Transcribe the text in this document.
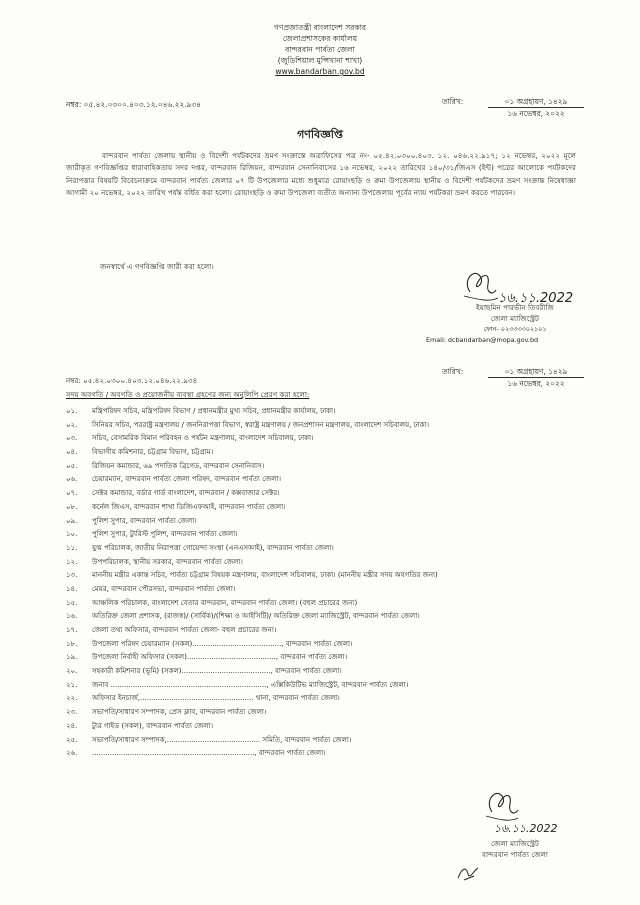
গণপ্রজাতন্ত্রী বাংলাদেশ সরকার
জেলাপ্রশাসকের কার্যালয়
বান্দরবান পার্বত্য জেলা
(জুডিশিয়াল মুন্সিখানা শাখা)
www.bandarban.gov.bd
নম্বর: ০৫.৪২.০৩০০.৪০৩.১২.০৪৬.২২.৯৩৪	তারিখ:	০১ অগ্রহায়ণ, ১৪২৯
১৬ নভেম্বর, ২০২২
গণবিজ্ঞপ্তি

বান্দরবান পার্বত্য জেলায় স্থানীয় ও বিদেশী পর্যটকদের ভ্রমণ সংক্রান্তে অত্রাফিসের পত্র নং- ০৫.৪২.০৩০০.৪০৩. ১২. ০৪৬.২২.৯১৭; ১২ নভেম্বর, ২০২২ মূলে জারীকৃত গণবিজ্ঞপ্তির ধারাবাহিকতায় সদর দপ্তর, বান্দরবান রিজিয়ন, বান্দরবান সেনানিবাসের ১৬ নভেম্বর, ২০২২ তারিখের ১৪০/৩১/জিএস (ইন্ট) পত্রের আলোকে পর্যটকদের নিরাপত্তার বিষয়টি বিবেচনাক্রমে বান্দরবান পার্বত্য জেলার ০৭ টি উপজেলার মধ্যে শুধুমাত্র রোয়াংছড়ি ও রুমা উপজেলায় স্থানীয় ও বিদেশী পর্যটকদের ভ্রমণ সংক্রান্ত নিষেধাজ্ঞা আগামী ২০ নভেম্বর, ২০২২ তারিখ পর্যন্ত বর্ধিত করা হলো। রোয়াংছড়ি ও রুমা উপজেলা ব্যতীত অন্যান্য উপজেলায় পূর্বের ন্যায় পর্যটকরা ভ্রমণ করতে পারবেন।

জনস্বার্থে এ গণবিজ্ঞপ্তি জারী করা হলো।
১৬.১১.2022
ইয়াছমিন পারভীন তিবরীজি
জেলা ম্যাজিস্ট্রেট
ফোন- ০২৩৩৩৩০২১০১
Email: dcbandarban@mopa.gov.bd
নম্বর: ০৫.৪২.০৩০০.৪০৩.১২.০৪৬.২২.৯৩৪
তারিখ:	০১ অগ্রহায়ণ, ১৪২৯
১৬ নভেম্বর, ২০২২
সদয় অবগতি / অবগতি ও প্রয়োজনীয় ব্যবস্থা গ্রহণের জন্য অনুলিপি প্রেরণ করা হলো:
০১. মন্ত্রিপরিষদ সচিব, মন্ত্রিপরিষদ বিভাগ / প্রধানমন্ত্রীর মুখ্য সচিব, প্রধানমন্ত্রীর কার্যালয়, ঢাকা।
০২. সিনিয়র সচিব, পররাষ্ট্র মন্ত্রণালয় / জননিরাপত্তা বিভাগ, স্বরাষ্ট্র মন্ত্রণালয় / জনপ্রশাসন মন্ত্রণালয়, বাংলাদেশ সচিবালয়, ঢাকা।
০৩. সচিব, বেসামরিক বিমান পরিবহন ও পর্যটন মন্ত্রণালয়, বাংলাদেশ সচিবালয়, ঢাকা।
০৪. বিভাগীয় কমিশনার, চট্টগ্রাম বিভাগ, চট্টগ্রাম।
০৫. রিজিয়ন কমান্ডার, ৬৯ পদাতিক ব্রিগেড, বান্দরবান সেনানিবাস।
০৬. চেয়ারম্যান, বান্দরবান পার্বত্য জেলা পরিষদ, বান্দরবান পার্বত্য জেলা।
০৭. সেক্টর কমান্ডার, বর্ডার গার্ড বাংলাদেশ, বান্দরবান / কক্সবাজার সেক্টর।
০৮. কর্নেল জিএস, বান্দরবান শাখা ডিজিএফআই, বান্দরবান পার্বত্য জেলা।
০৯. পুলিশ সুপার, বান্দরবান পার্বত্য জেলা।
১০. পুলিশ সুপার, ট্যুরিস্ট পুলিশ, বান্দরবান পার্বত্য জেলা।
১১. যুগ্ম পরিচালক, জাতীয় নিরাপত্তা গোয়েন্দা সংস্থা (এনএসআই), বান্দরবান পার্বত্য জেলা।
১২. উপপরিচালক, স্থানীয় সরকার, বান্দরবান পার্বত্য জেলা।
১৩. মাননীয় মন্ত্রীর একান্ত সচিব, পার্বত্য চট্টগ্রাম বিষয়ক মন্ত্রণালয়, বাংলাদেশ সচিবালয়, ঢাকা। (মাননীয় মন্ত্রীর সদয় অবগতির জন্য)
১৪. মেয়র, বান্দরবান পৌরসভা, বান্দরবান পার্বত্য জেলা।
১৫. আঞ্চলিক পরিচালক, বাংলাদেশ বেতার বান্দরবান, বান্দরবান পার্বত্য জেলা। (বহুল প্রচারের জন্য)
১৬. অতিরিক্ত জেলা প্রশাসক, (রাজস্ব)/ (সার্বিক)/(শিক্ষা ও আইসিটি)/ অতিরিক্ত জেলা ম্যাজিস্ট্রেট, বান্দরবান পার্বত্য জেলা।
১৭. জেলা তথ্য অফিসার, বান্দরবান পার্বত্য জেলা- বহুল প্রচারের জন্য।
১৮. উপজেলা পরিষদ চেয়ারম্যান (সকল)........................................, বান্দরবান পার্বত্য জেলা।
১৯. উপজেলা নির্বাহী অফিসার (সকল)........................................, বান্দরবান পার্বত্য জেলা।
২০. সহকারী কমিশনার (ভূমি) (সকল)........................................, বান্দরবান পার্বত্য জেলা।
২১. জনাব ......................................................................, এক্সিকিউটিভ ম্যাজিস্ট্রেট, বান্দরবান পার্বত্য জেলা।
২২. অফিসার ইনচার্জ,................................................... থানা, বান্দরবান পার্বত্য জেলা।
২৩. সভাপতি/সাধারণ সম্পাদক, প্রেস ক্লাব, বান্দরবান পার্বত্য জেলা।
২৪. ট্যুর গাইড (সকল), বান্দরবান পার্বত্য জেলা।
২৫. সভাপতি/সাধারণ সম্পাদক,.......................................... সমিতি, বান্দরবান পার্বত্য জেলা।
২৬. ........................................................................., বান্দরবান পার্বত্য জেলা।
১৬.১১.2022
জেলা ম্যাজিস্ট্রেট
বান্দরবান পার্বত্য জেলা
